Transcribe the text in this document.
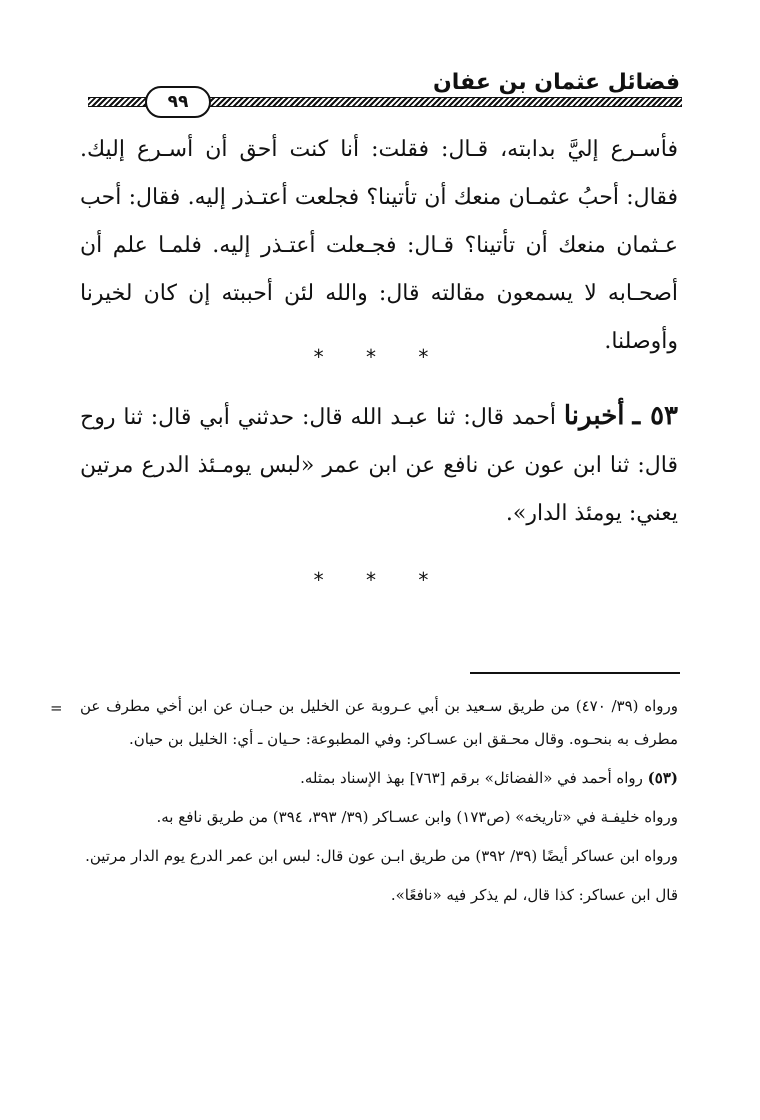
فضائل عثمان بن عفان
٩٩
فأسـرع إليَّ بدابته، قـال: فقلت: أنا كنت أحق أن أسـرع إليك. فقال: أحبُ عثمـان منعك أن تأتينا؟ فجلعت أعتـذر إليه. فقال: أحب عـثمان منعك أن تأتينا؟ قـال: فجـعلت أعتـذر إليه. فلمـا علم أن أصحـابه لا يسمعون مقالته قال: والله لئن أحببته إن كان لخيرنا وأوصلنا.
* * *
٥٣ ـ أخبرنا أحمد قال: ثنا عبـد الله قال: حدثني أبي قال: ثنا روح قال: ثنا ابن عون عن نافع عن ابن عمر «لبس يومـئذ الدرع مرتين يعني: يومئذ الدار».
* * *
= ورواه (٣٩/ ٤٧٠) من طريق سـعيد بن أبي عـروبة عن الخليل بن حبـان عن ابن أخي مطرف عن مطرف به بنحـوه. وقال محـقق ابن عسـاكر: وفي المطبوعة: حـيان ـ أي: الخليل بن حيان.
(٥٣) رواه أحمد في «الفضائل» برقم [٧٦٣] بهذ الإسناد بمثله.
ورواه خليفـة في «تاريخه» (ص١٧٣) وابن عسـاكر (٣٩/ ٣٩٣، ٣٩٤) من طريق نافع به.
ورواه ابن عساكر أيضًا (٣٩/ ٣٩٢) من طريق ابـن عون قال: لبس ابن عمر الدرع يوم الدار مرتين.
قال ابن عساكر: كذا قال، لم يذكر فيه «نافعًا».
